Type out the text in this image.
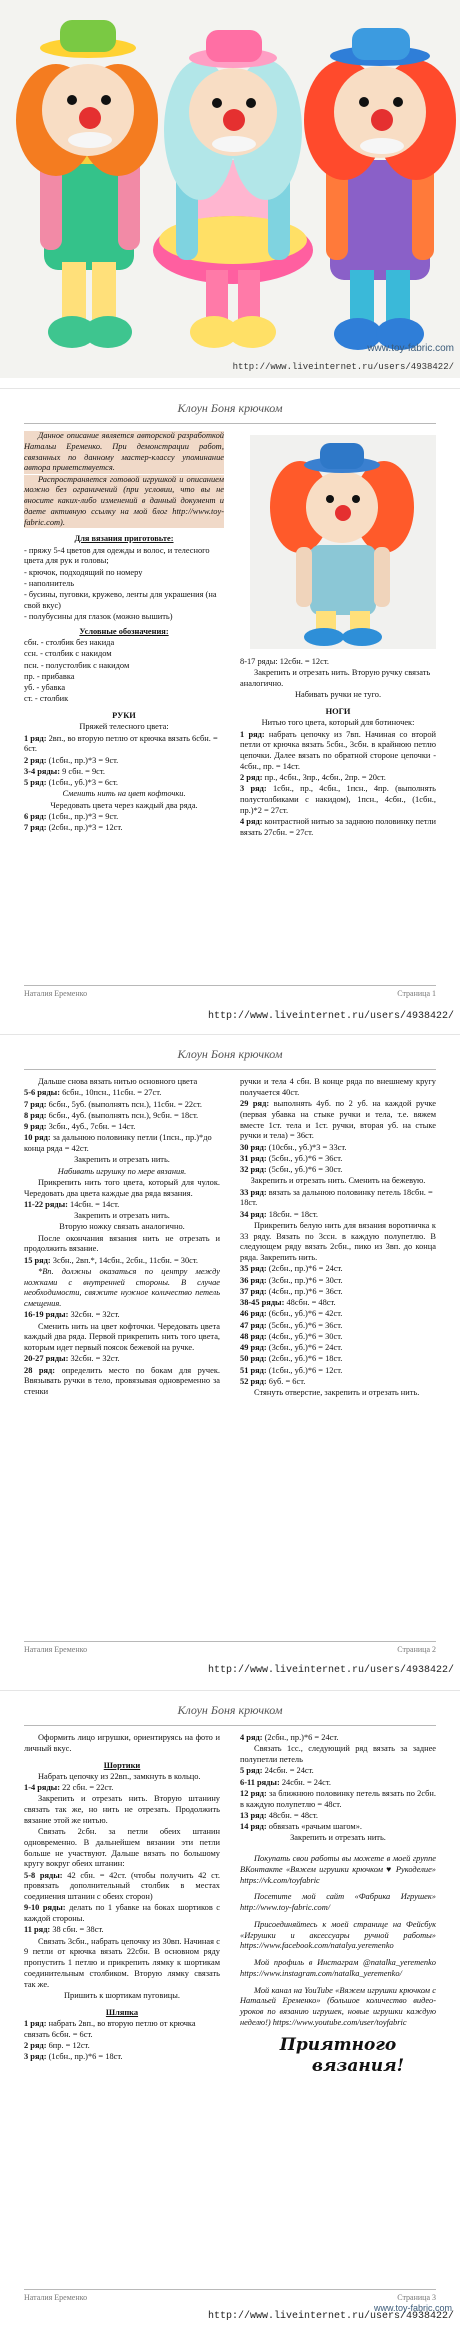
www.toy-fabric.com
http://www.liveinternet.ru/users/4938422/
Клоун Боня крючком

Данное описание является авторской разработкой Натальи Еременко. При демонстрации работ, связанных по данному мастер-классу упоминание автора приветствуется.

Распространяется готовой игрушкой и описанием можно без ограничений (при условии, что вы не вносите каких-либо изменений в данный документ и даете активную ссылку на мой блог http://www.toy-fabric.com).

Для вязания приготовьте:

- пряжу 5-4 цветов для одежды и волос, и телесного цвета для рук и головы;

- крючок, подходящий по номеру

- наполнитель

- бусины, пуговки, кружево, ленты для украшения (на свой вкус)

- полубусины для глазок (можно вышить)

Условные обозначения:

сбн. - столбик без накида

ссн. - столбик с накидом

псн. - полустолбик с накидом

пр. - прибавка

уб. - убавка

ст. - столбик

РУКИ

Пряжей телесного цвета:

1 ряд: 2вп., во вторую петлю от крючка вязать 6сбн. = 6ст.

2 ряд: (1сбн., пр.)*3 = 9ст.

3-4 ряды: 9 сбн. = 9ст.

5 ряд: (1сбн., уб.)*3 = 6ст.

Сменить нить на цвет кофточки.

Чередовать цвета через каждый два ряда.

6 ряд: (1сбн., пр.)*3 = 9ст.

7 ряд: (2сбн., пр.)*3 = 12ст.

8-17 ряды: 12сбн. = 12ст.

Закрепить и отрезать нить. Вторую ручку связать аналогично.

Набивать ручки не туго.

НОГИ

Нитью того цвета, который для ботиночек:

1 ряд: набрать цепочку из 7вп. Начиная со второй петли от крючка вязать 5сбн., 3сбн. в крайнюю петлю цепочки. Далее вязать по обратной стороне цепочки - 4сбн., пр. = 14ст.

2 ряд: пр., 4сбн., 3пр., 4сбн., 2пр. = 20ст.

3 ряд: 1сбн., пр., 4сбн., 1псн., 4пр. (выполнять полустолбиками с накидом), 1псн., 4сбн., (1сбн., пр.)*2 = 27ст.

4 ряд: контрастной нитью за заднюю половинку петли вязать 27сбн. = 27ст.

Наталия Еременко	Страница 1
http://www.liveinternet.ru/users/4938422/
Клоун Боня крючком

Дальше снова вязать нитью основного цвета

5-6 ряды: 6сбн., 10псн., 11сбн. = 27ст.

7 ряд: 6сбн., 5уб. (выполнять псн.), 11сбн. = 22ст.

8 ряд: 6сбн., 4уб. (выполнять псн.), 9сбн. = 18ст.

9 ряд: 3сбн., 4уб., 7сбн. = 14ст.

10 ряд: за дальнюю половинку петли (1псн., пр.)*до конца ряда = 42ст.

Закрепить и отрезать нить.

Набивать игрушку по мере вязания.

Прикрепить нить того цвета, который для чулок. Чередовать два цвета каждые два ряда вязания.

11-22 ряды: 14сбн. = 14ст.

Закрепить и отрезать нить.

Вторую ножку связать аналогично.

После окончания вязания нить не отрезать и продолжить вязание.

15 ряд: 3сбн., 2вп.*, 14сбн., 2сбн., 11сбн. = 30ст.

*Вп. должны оказаться по центру между ножками с внутренней стороны. В случае необходимости, свяжите нужное количество петель смещения.

16-19 ряды: 32сбн. = 32ст.

Сменить нить на цвет кофточки. Чередовать цвета каждый два ряда. Первой прикрепить нить того цвета, которым идет первый поясок бежевой на ручке.

20-27 ряды: 32сбн. = 32ст.

28 ряд: определить место по бокам для ручек. Ввязывать ручки в тело, провязывая одновременно за стенки

ручки и тела 4 сбн. В конце ряда по внешнему кругу получается 40ст.

29 ряд: выполнять 4уб. по 2 уб. на каждой ручке (первая убавка на стыке ручки и тела, т.е. вяжем вместе 1ст. тела и 1ст. ручки, вторая уб. на стыке ручки и тела) = 36ст.

30 ряд: (10сбн., уб.)*3 = 33ст.

31 ряд: (5сбн., уб.)*6 = 36ст.

32 ряд: (5сбн., уб.)*6 = 30ст.

Закрепить и отрезать нить. Сменить на бежевую.

33 ряд: вязать за дальнюю половинку петель 18сбн. = 18ст.

34 ряд: 18сбн. = 18ст.

Прикрепить белую нить для вязания воротничка к 33 ряду. Вязать по 3ссн. в каждую полупетлю. В следующем ряду вязать 2сбн., пико из 3вп. до конца ряда. Закрепить нить.

35 ряд: (2сбн., пр.)*6 = 24ст.

36 ряд: (3сбн., пр.)*6 = 30ст.

37 ряд: (4сбн., пр.)*6 = 36ст.

38-45 ряды: 48сбн. = 48ст.

46 ряд: (6сбн., уб.)*6 = 42ст.

47 ряд: (5сбн., уб.)*6 = 36ст.

48 ряд: (4сбн., уб.)*6 = 30ст.

49 ряд: (3сбн., уб.)*6 = 24ст.

50 ряд: (2сбн., уб.)*6 = 18ст.

51 ряд: (1сбн., уб.)*6 = 12ст.

52 ряд: 6уб. = 6ст.

Стянуть отверстие, закрепить и отрезать нить.

Наталия Еременко	Страница 2
http://www.liveinternet.ru/users/4938422/
Клоун Боня крючком

Оформить лицо игрушки, ориентируясь на фото и личный вкус.

Шортики

Набрать цепочку из 22вп., замкнуть в кольцо.

1-4 ряды: 22 сбн. = 22ст.

Закрепить и отрезать нить. Вторую штанину связать так же, но нить не отрезать. Продолжить вязание этой же нитью.

Связать 2сбн. за петли обеих штанин одновременно. В дальнейшем вязании эти петли больше не участвуют. Дальше вязать по большому кругу вокруг обеих штанин:

5-8 ряды: 42 сбн. = 42ст. (чтобы получить 42 ст. провязать дополнительный столбик в местах соединения штанин с обеих сторон)

9-10 ряды: делать по 1 убавке на боках шортиков с каждой стороны.

11 ряд: 38 сбн. = 38ст.

Связать 3сбн., набрать цепочку из 30вп. Начиная с 9 петли от крючка вязать 22сбн. В основном ряду пропустить 1 петлю и прикрепить лямку к шортикам соединительным столбиком. Вторую лямку связать так же.

Пришить к шортикам пуговицы.

Шляпка

1 ряд: набрать 2вп., во вторую петлю от крючка связать 6сбн. = 6ст.

2 ряд: 6пр. = 12ст.

3 ряд: (1сбн., пр.)*6 = 18ст.

4 ряд: (2сбн., пр.)*6 = 24ст.

Связать 1сс., следующий ряд вязать за заднее полупетли петель

5 ряд: 24сбн. = 24ст.

6-11 ряды: 24сбн. = 24ст.

12 ряд: за ближнюю половинку петель вязать по 2сбн. в каждую полупетлю = 48ст.

13 ряд: 48сбн. = 48ст.

14 ряд: обвязать «рачьим шагом».

Закрепить и отрезать нить.

Покупать свои работы вы можете в моей группе ВКонтакте «Вяжем игрушки крючком ♥ Рукоделие» https://vk.com/toyfabric

Посетите мой сайт «Фабрика Игрушек» http://www.toy-fabric.com/

Присоединяйтесь к моей странице на Фейсбук «Игрушки и аксессуары ручной работы» https://www.facebook.com/natalya.yeremenko

Мой профиль в Инстаграм @natalka_yeremenko https://www.instagram.com/natalka_yeremenko/

Мой канал на YouTube «Вяжем игрушки крючком с Натальей Еременко» (большое количество видео-уроков по вязанию игрушек, новые игрушки каждую неделю!) https://www.youtube.com/user/toyfabric

Приятного
вязания!
Наталия Еременко	Страница 3
http://www.liveinternet.ru/users/4938422/
www.toy-fabric.com
